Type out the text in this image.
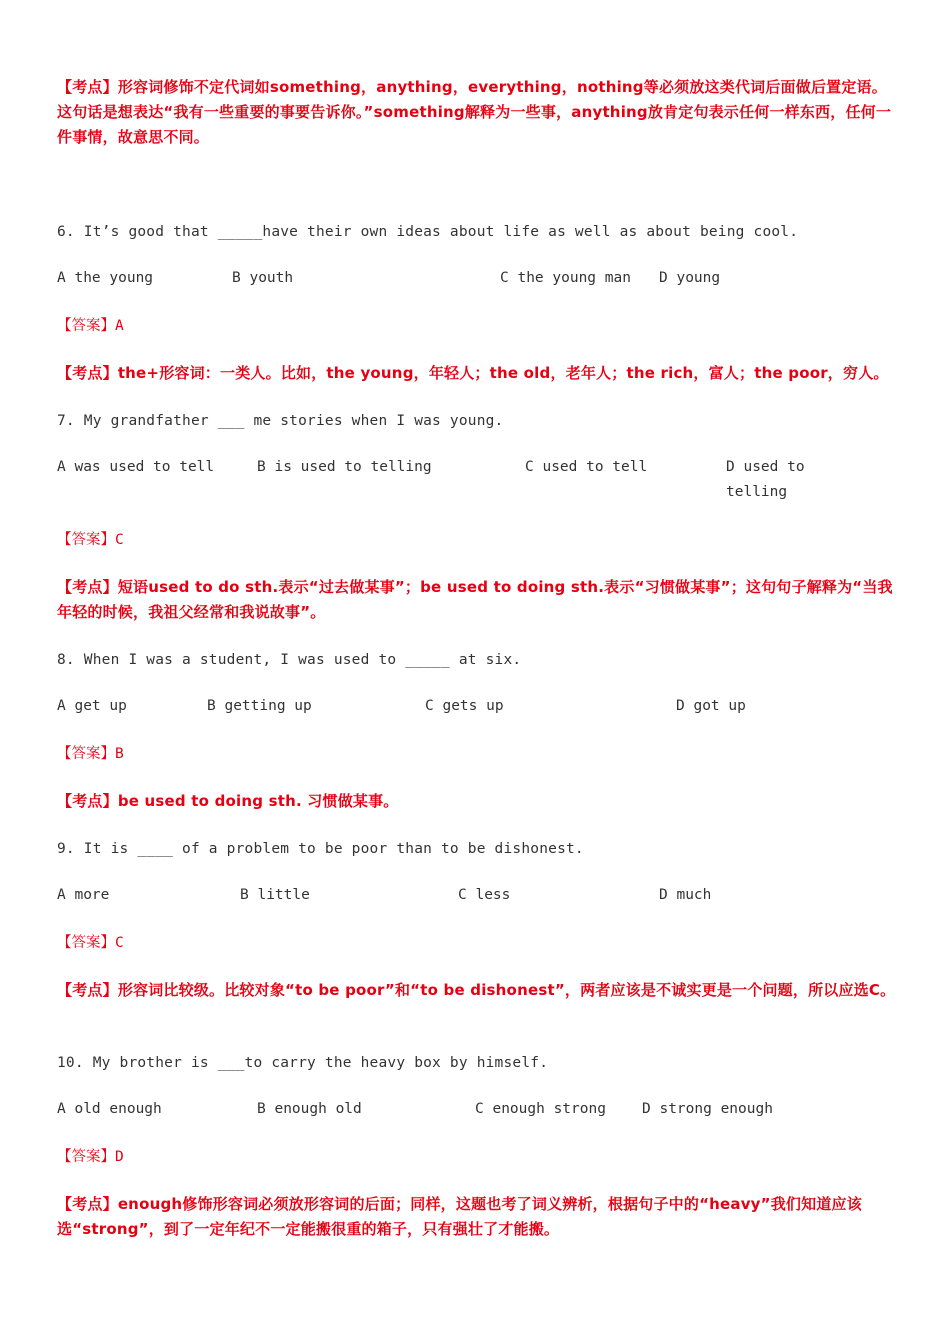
【考点】形容词修饰不定代词如something，anything，everything，nothing等必须放这类代词后面做后置定语。这句话是想表达“我有一些重要的事要告诉你。”something解释为一些事，anything放肯定句表示任何一样东西，任何一件事情，故意思不同。
6. It’s good that _____have their own ideas about life as well as about being cool.
A the young	B youth	C the young man D young
【答案】A
【考点】the+形容词：一类人。比如，the young，年轻人；the old，老年人；the rich，富人；the poor，穷人。
7. My grandfather ___ me stories when I was young.
A was used to tell	B is used to telling	C used to tell	D used to telling
【答案】C
【考点】短语used to do sth.表示“过去做某事”；be used to doing sth.表示“习惯做某事”；这句句子解释为“当我年轻的时候，我祖父经常和我说故事”。
8. When I was a student, I was used to _____ at six.
A get up	B getting up	C gets up	D got up
【答案】B
【考点】be used to doing sth. 习惯做某事。
9. It is ____ of a problem to be poor than to be dishonest.
A more	B little	C less	D much
【答案】C
【考点】形容词比较级。比较对象“to be poor”和“to be dishonest”，两者应该是不诚实更是一个问题，所以应选C。
10. My brother is ___to carry the heavy box by himself.
A old enough	B enough old	C enough strong D strong enough
【答案】D
【考点】enough修饰形容词必须放形容词的后面；同样，这题也考了词义辨析，根据句子中的“heavy”我们知道应该选“strong”，到了一定年纪不一定能搬很重的箱子，只有强壮了才能搬。
